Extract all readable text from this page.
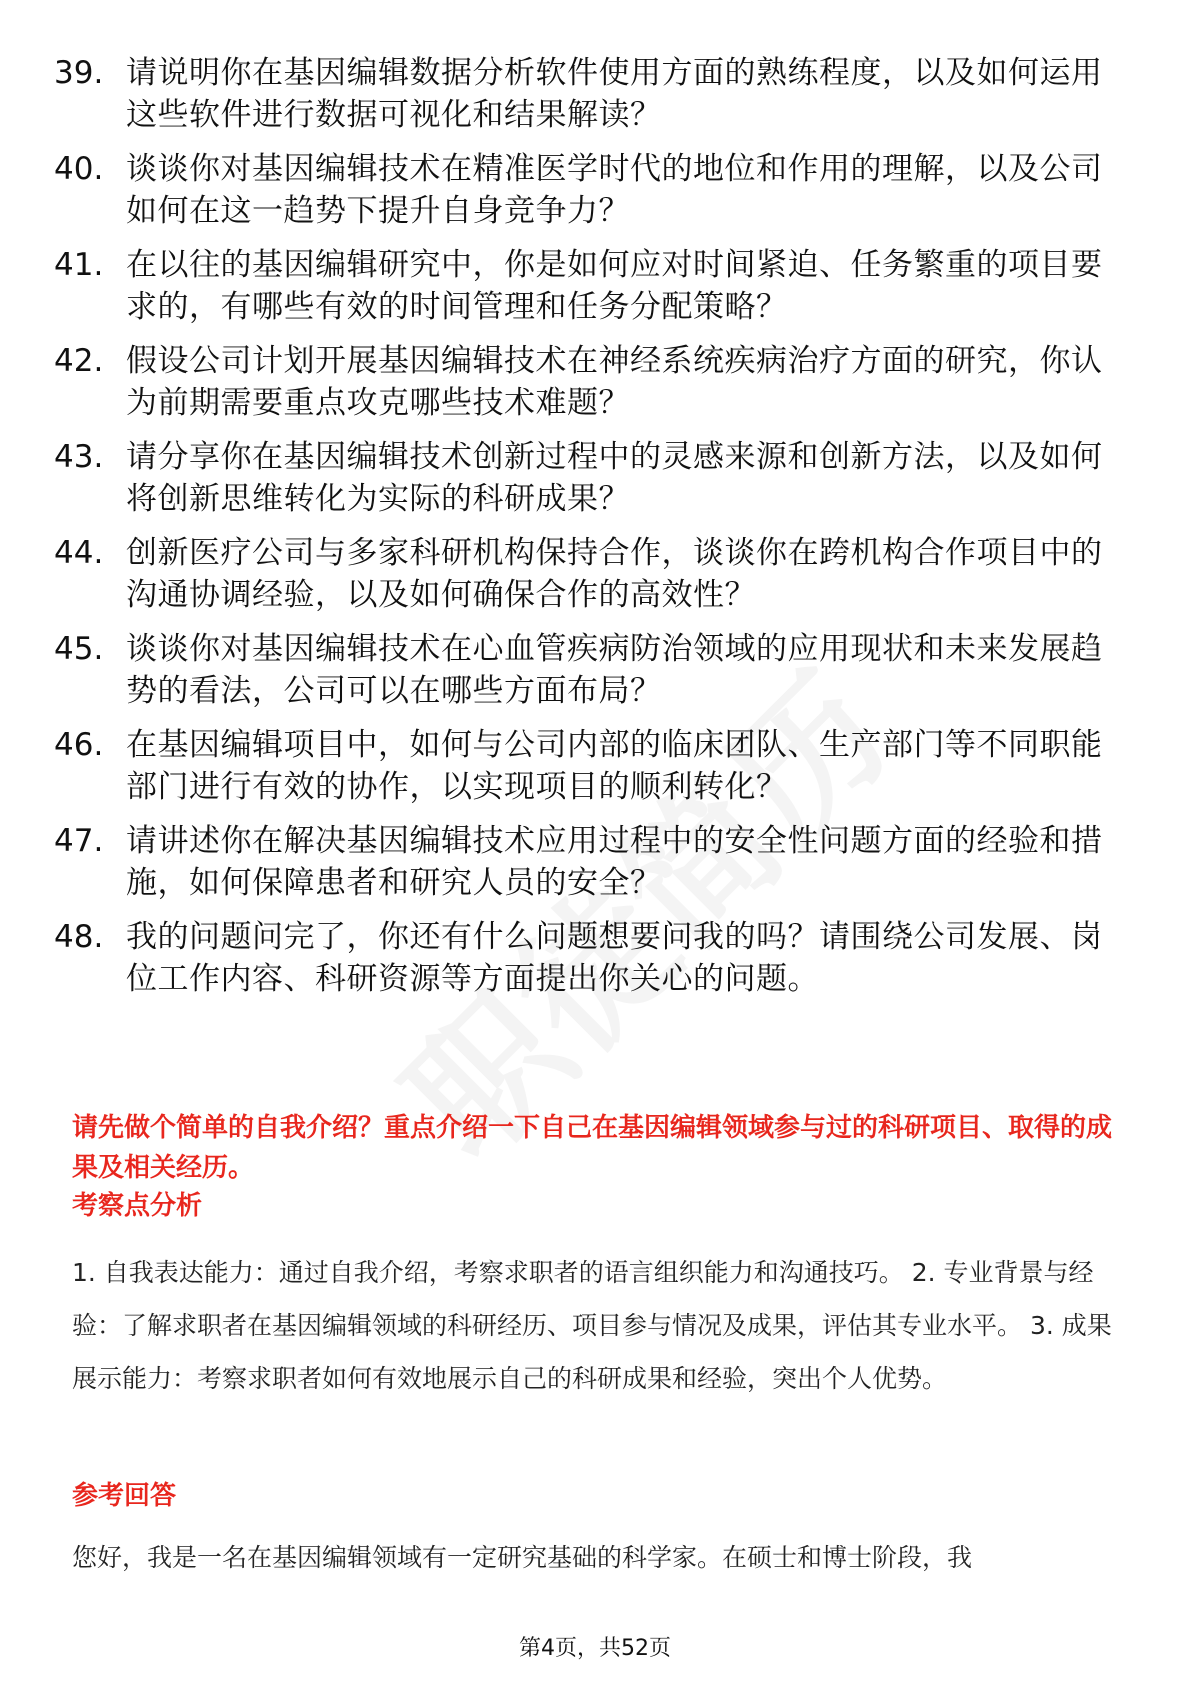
39. 请说明你在基因编辑数据分析软件使用方面的熟练程度，以及如何运用这些软件进行数据可视化和结果解读？
40. 谈谈你对基因编辑技术在精准医学时代的地位和作用的理解，以及公司如何在这一趋势下提升自身竞争力？
41. 在以往的基因编辑研究中，你是如何应对时间紧迫、任务繁重的项目要求的，有哪些有效的时间管理和任务分配策略？
42. 假设公司计划开展基因编辑技术在神经系统疾病治疗方面的研究，你认为前期需要重点攻克哪些技术难题？
43. 请分享你在基因编辑技术创新过程中的灵感来源和创新方法，以及如何将创新思维转化为实际的科研成果？
44. 创新医疗公司与多家科研机构保持合作，谈谈你在跨机构合作项目中的沟通协调经验，以及如何确保合作的高效性？
45. 谈谈你对基因编辑技术在心血管疾病防治领域的应用现状和未来发展趋势的看法，公司可以在哪些方面布局？
46. 在基因编辑项目中，如何与公司内部的临床团队、生产部门等不同职能部门进行有效的协作，以实现项目的顺利转化？
47. 请讲述你在解决基因编辑技术应用过程中的安全性问题方面的经验和措施，如何保障患者和研究人员的安全？
48. 我的问题问完了，你还有什么问题想要问我的吗？请围绕公司发展、岗位工作内容、科研资源等方面提出你关心的问题。
请先做个简单的自我介绍？重点介绍一下自己在基因编辑领域参与过的科研项目、取得的成果及相关经历。
考察点分析
1. 自我表达能力：通过自我介绍，考察求职者的语言组织能力和沟通技巧。 2. 专业背景与经验：了解求职者在基因编辑领域的科研经历、项目参与情况及成果，评估其专业水平。 3. 成果展示能力：考察求职者如何有效地展示自己的科研成果和经验，突出个人优势。
参考回答
您好，我是一名在基因编辑领域有一定研究基础的科学家。在硕士和博士阶段，我
第4页，共52页
